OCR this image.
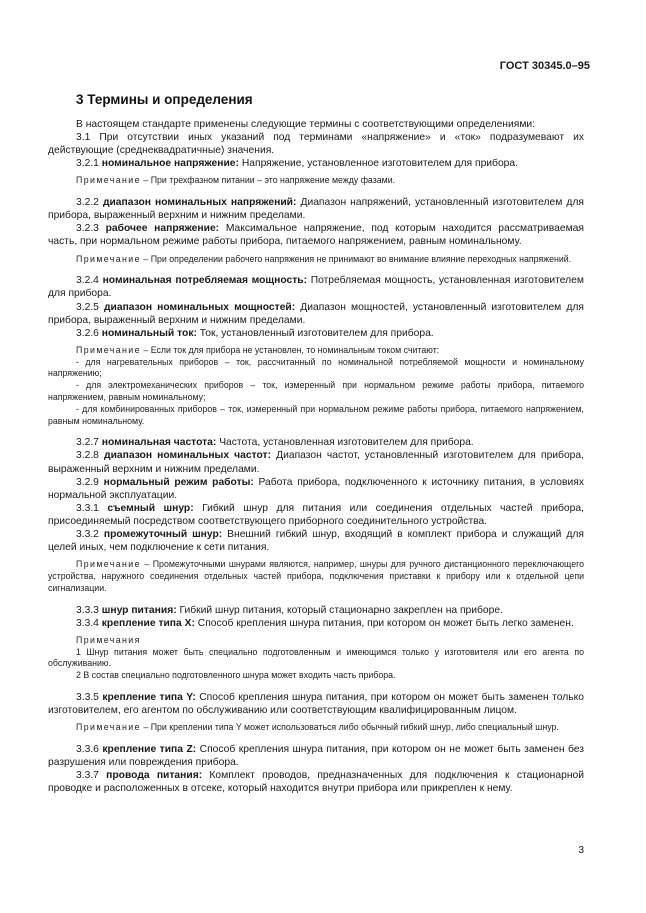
ГОСТ 30345.0–95
3 Термины и определения

В настоящем стандарте применены следующие термины c соответствующими определениями:

3.1 При отсутствии иных указаний под терминами «напряжение» и «ток» подразумевают их действующие (среднеквадратичные) значения.

3.2.1 номинальное напряжение: Напряжение, установленное изготовителем для прибора.

Примечание – При трехфазном питании – это напряжение между фазами.

3.2.2 диапазон номинальных напряжений: Диапазон напряжений, установленный изготовителем для прибора, выраженный верхним и нижним пределами.

3.2.3 рабочее напряжение: Максимальное напряжение, под которым находится рассматриваемая часть, при нормальном режиме работы прибора, питаемого напряжением, равным номинальному.

Примечание – При определении рабочего напряжения не принимают во внимание влияние переходных напряжений.

3.2.4 номинальная потребляемая мощность: Потребляемая мощность, установленная изготовителем для прибора.

3.2.5 диапазон номинальных мощностей: Диапазон мощностей, установленный изготовителем для прибора, выраженный верхним и нижним пределами.

3.2.6 номинальный ток: Ток, установленный изготовителем для прибора.

Примечание – Если ток для прибора не установлен, то номинальным током считают:

- для нагревательных приборов – ток, рассчитанный по номинальной потребляемой мощности и номинальному напряжению;

- для электромеханических приборов – ток, измеренный при нормальном режиме работы прибора, питаемого напряжением, равным номинальному;

- для комбинированных приборов – ток, измеренный при нормальном режиме работы прибора, питаемого напряжением, равным номинальному.

3.2.7 номинальная частота: Частота, установленная изготовителем для прибора.

3.2.8 диапазон номинальных частот: Диапазон частот, установленный изготовителем для прибора, выраженный верхним и нижним пределами.

3.2.9 нормальный режим работы: Работа прибора, подключенного к источнику питания, в условиях нормальной эксплуатации.

3.3.1 съемный шнур: Гибкий шнур для питания или соединения отдельных частей прибора, присоединяемый посредством соответствующего приборного соединительного устройства.

3.3.2 промежуточный шнур: Внешний гибкий шнур, входящий в комплект прибора и служащий для целей иных, чем подключение к сети питания.

Примечание – Промежуточными шнурами являются, например, шнуры для ручного дистанционного переключающего устройства, наружного соединения отдельных частей прибора, подключения приставки к прибору или к отдельной цепи сигнализации.

3.3.3 шнур питания: Гибкий шнур питания, который стационарно закреплен на приборе.

3.3.4 крепление типа X: Способ крепления шнура питания, при котором он может быть легко заменен.

Примечания

1 Шнур питания может быть специально подготовленным и имеющимся только у изготовителя или его агента по обслуживанию.

2 В состав специально подготовленного шнура может входить часть прибора.

3.3.5 крепление типа Y: Способ крепления шнура питания, при котором он может быть заменен только изготовителем, его агентом по обслуживанию или соответствующим квалифицированным лицом.

Примечание – При креплении типа Y может использоваться либо обычный гибкий шнур, либо специальный шнур.

3.3.6 крепление типа Z: Способ крепления шнура питания, при котором он не может быть заменен без разрушения или повреждения прибора.

3.3.7 провода питания: Комплект проводов, предназначенных для подключения к стационарной проводке и расположенных в отсеке, который находится внутри прибора или прикреплен к нему.

3
